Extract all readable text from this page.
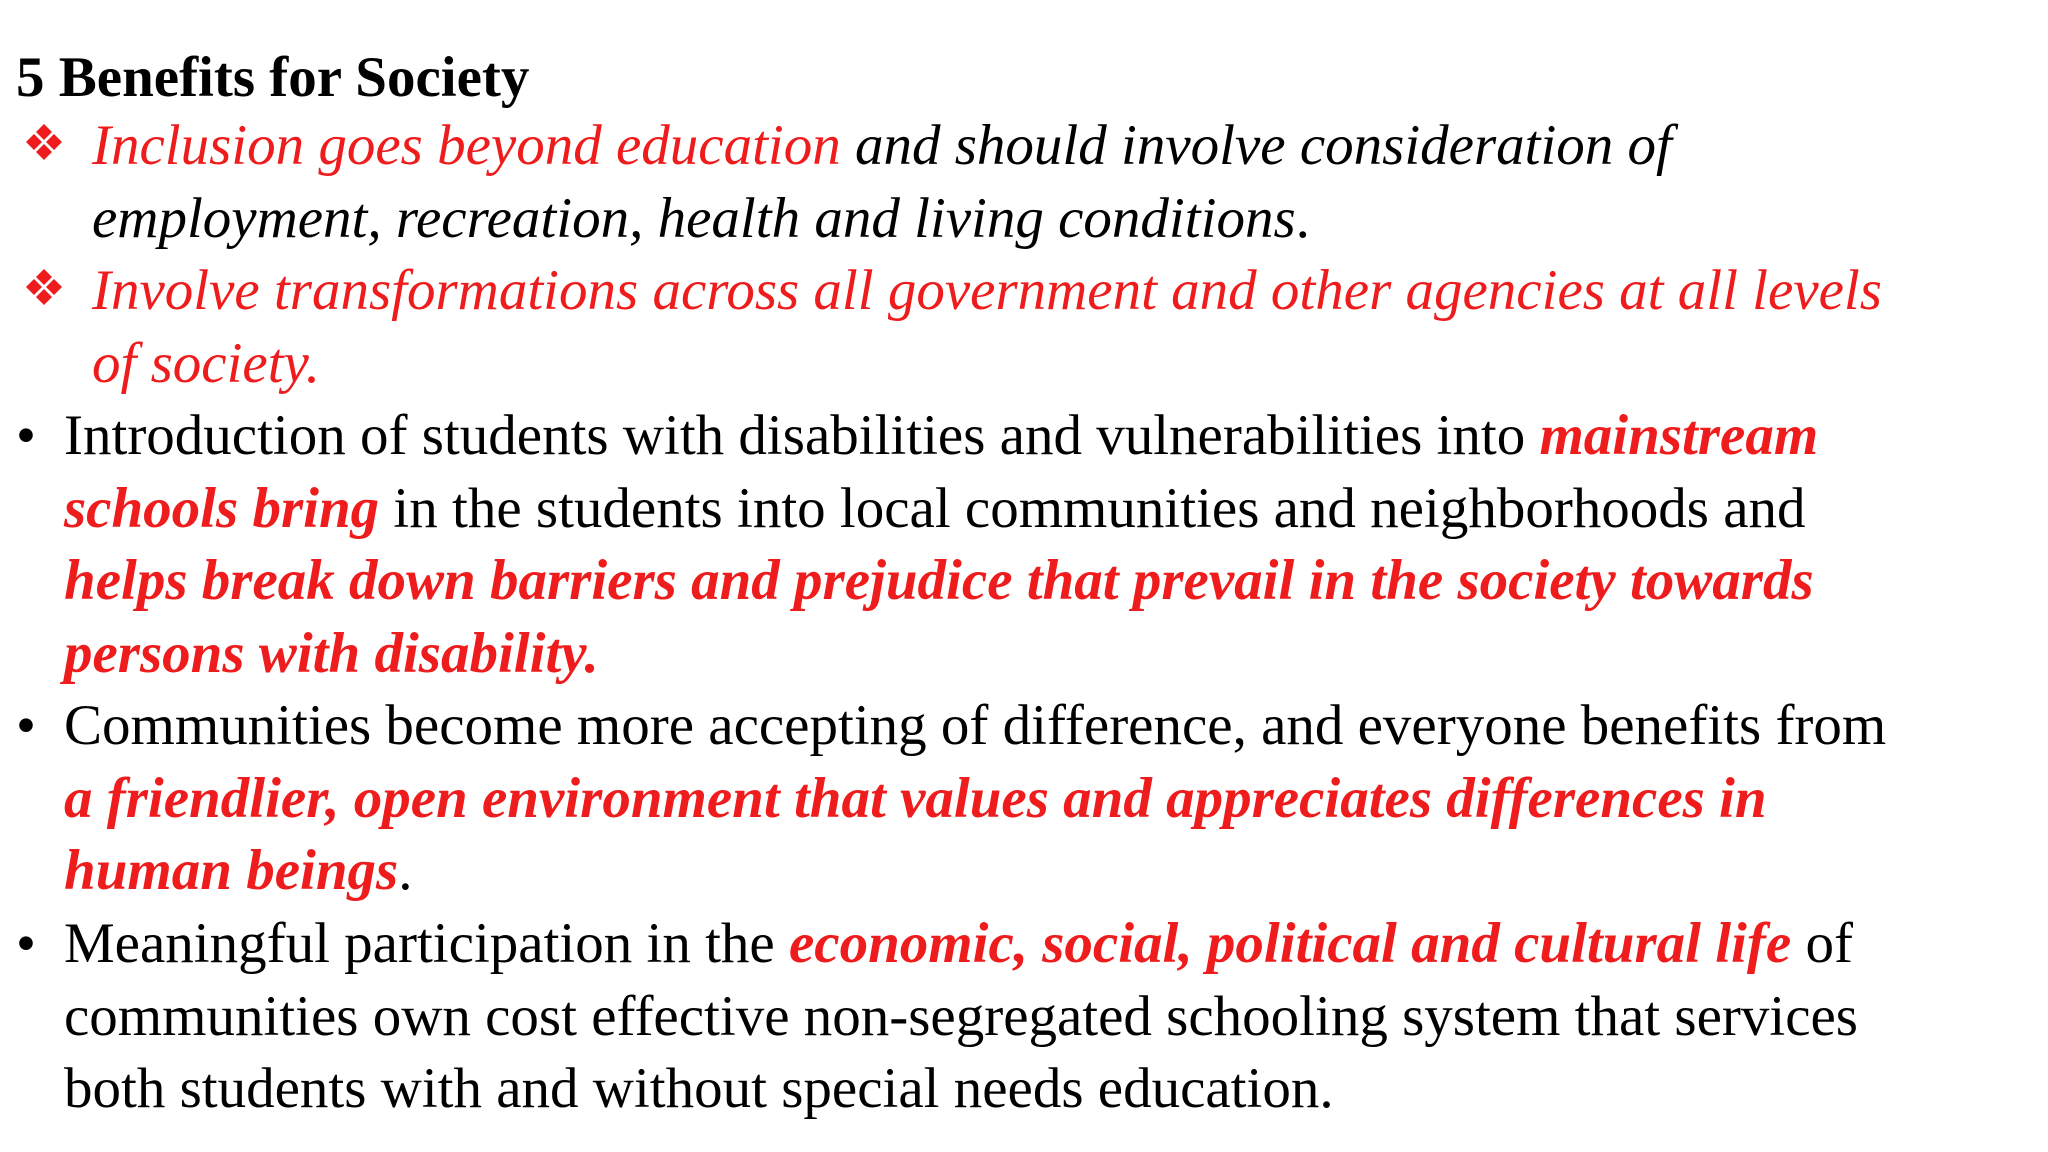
5 Benefits for Society
Inclusion goes beyond education and should involve consideration of
employment, recreation, health and living conditions.
Involve transformations across all government and other agencies at all levels
of society.
• Introduction of students with disabilities and vulnerabilities into mainstream
schools bring in the students into local communities and neighborhoods and
helps break down barriers and prejudice that prevail in the society towards
persons with disability.
• Communities become more accepting of difference, and everyone benefits from
a friendlier, open environment that values and appreciates differences in
human beings.
• Meaningful participation in the economic, social, political and cultural life of
communities own cost effective non-segregated schooling system that services
both students with and without special needs education.
